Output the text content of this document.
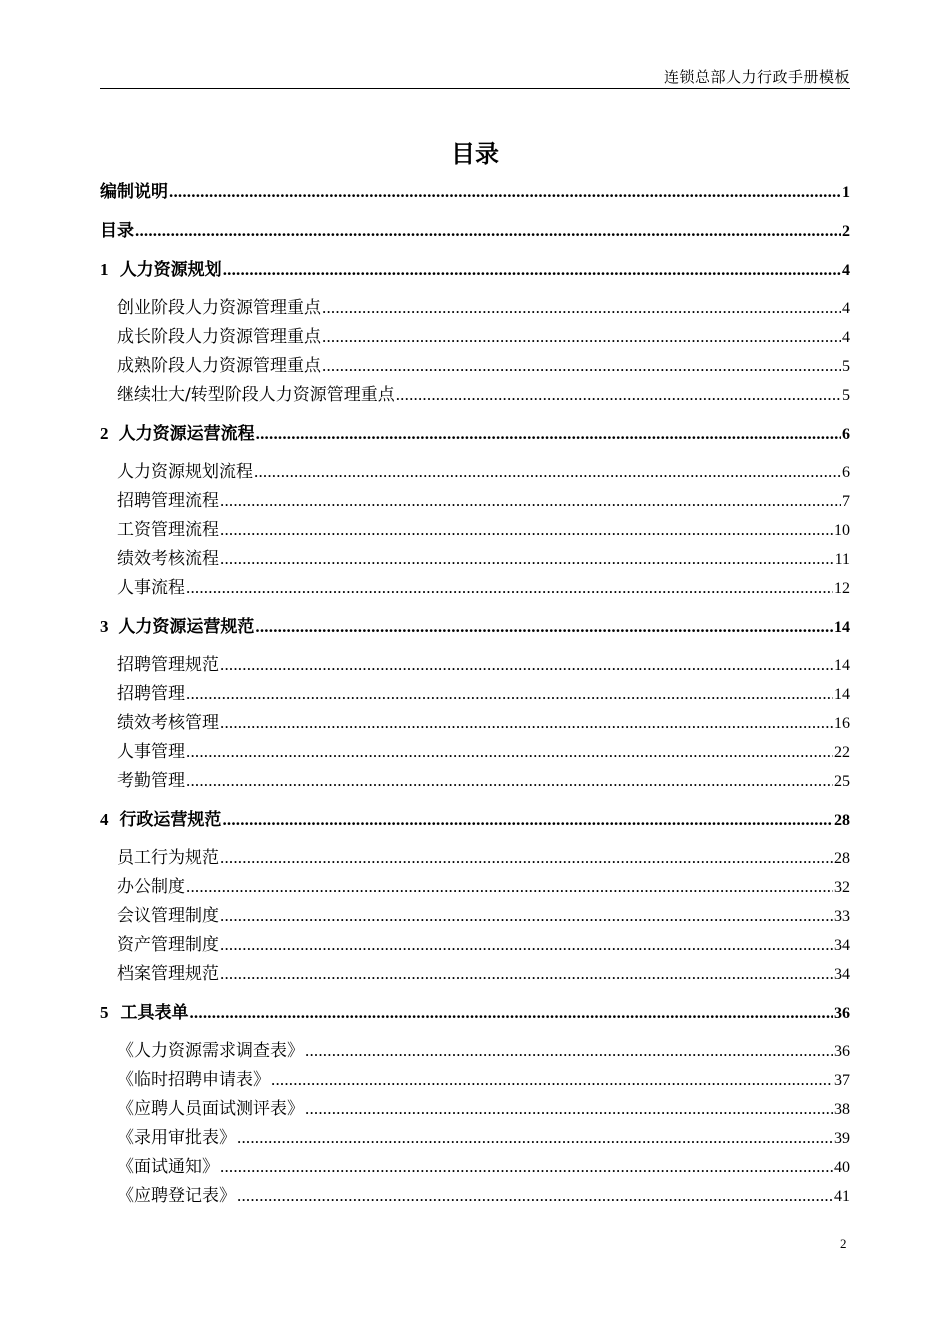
连锁总部人力行政手册模板
目录
编制说明 .....	1
目录 .....	2
1 人力资源规划 .....	4
创业阶段人力资源管理重点 .....	4
成长阶段人力资源管理重点 .....	4
成熟阶段人力资源管理重点 .....	5
继续壮大/转型阶段人力资源管理重点 .....	5
2 人力资源运营流程 .....	6
人力资源规划流程 .....	6
招聘管理流程 .....	7
工资管理流程 .....	10
绩效考核流程 .....	11
人事流程 .....	12
3 人力资源运营规范 .....	14
招聘管理规范 .....	14
招聘管理 .....	14
绩效考核管理 .....	16
人事管理 .....	22
考勤管理 .....	25
4 行政运营规范 .....	28
员工行为规范 .....	28
办公制度 .....	32
会议管理制度 .....	33
资产管理制度 .....	34
档案管理规范 .....	34
5 工具表单 .....	36
《人力资源需求调查表》 .....	36
《临时招聘申请表》 .....	37
《应聘人员面试测评表》 .....	38
《录用审批表》 .....	39
《面试通知》 .....	40
《应聘登记表》 .....	41
2
